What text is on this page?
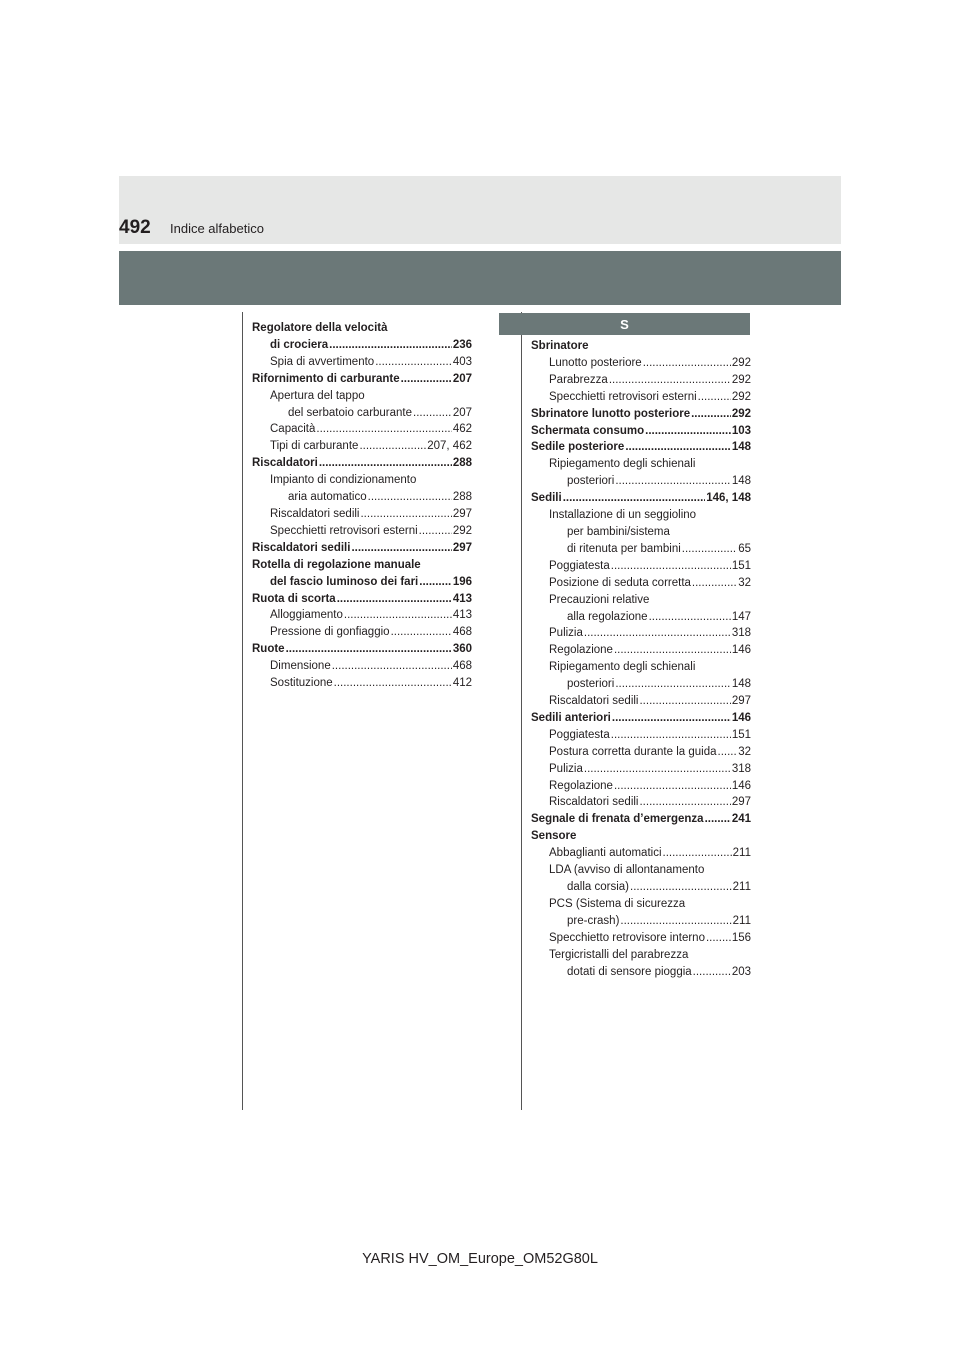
492 Indice alfabetico
Regolatore della velocità
di crociera .....	236
Spia di avvertimento .....	403
Rifornimento di carburante .....	207
Apertura del tappo
del serbatoio carburante .....	207
Capacità .....	462
Tipi di carburante .....	207, 462
Riscaldatori .....	288
Impianto di condizionamento
aria automatico .....	288
Riscaldatori sedili .....	297
Specchietti retrovisori esterni .....	292
Riscaldatori sedili .....	297
Rotella di regolazione manuale
del fascio luminoso dei fari .....	196
Ruota di scorta .....	413
Alloggiamento .....	413
Pressione di gonfiaggio .....	468
Ruote .....	360
Dimensione .....	468
Sostituzione .....	412
S
Sbrinatore
Lunotto posteriore .....	292
Parabrezza .....	292
Specchietti retrovisori esterni .....	292
Sbrinatore lunotto posteriore .....	292
Schermata consumo .....	103
Sedile posteriore .....	148
Ripiegamento degli schienali
posteriori .....	148
Sedili .....	146, 148
Installazione di un seggiolino
per bambini/sistema
di ritenuta per bambini .....	65
Poggiatesta .....	151
Posizione di seduta corretta .....	32
Precauzioni relative
alla regolazione .....	147
Pulizia .....	318
Regolazione .....	146
Ripiegamento degli schienali
posteriori .....	148
Riscaldatori sedili .....	297
Sedili anteriori .....	146
Poggiatesta .....	151
Postura corretta durante la guida ..... 32
Pulizia .....	318
Regolazione .....	146
Riscaldatori sedili .....	297
Segnale di frenata d’emergenza ..... 241
Sensore
Abbaglianti automatici .....	211
LDA (avviso di allontanamento
dalla corsia) .....	211
PCS (Sistema di sicurezza
pre-crash) .....	211
Specchietto retrovisore interno ..... 156
Tergicristalli del parabrezza
dotati di sensore pioggia .....	203
YARIS HV_OM_Europe_OM52G80L
